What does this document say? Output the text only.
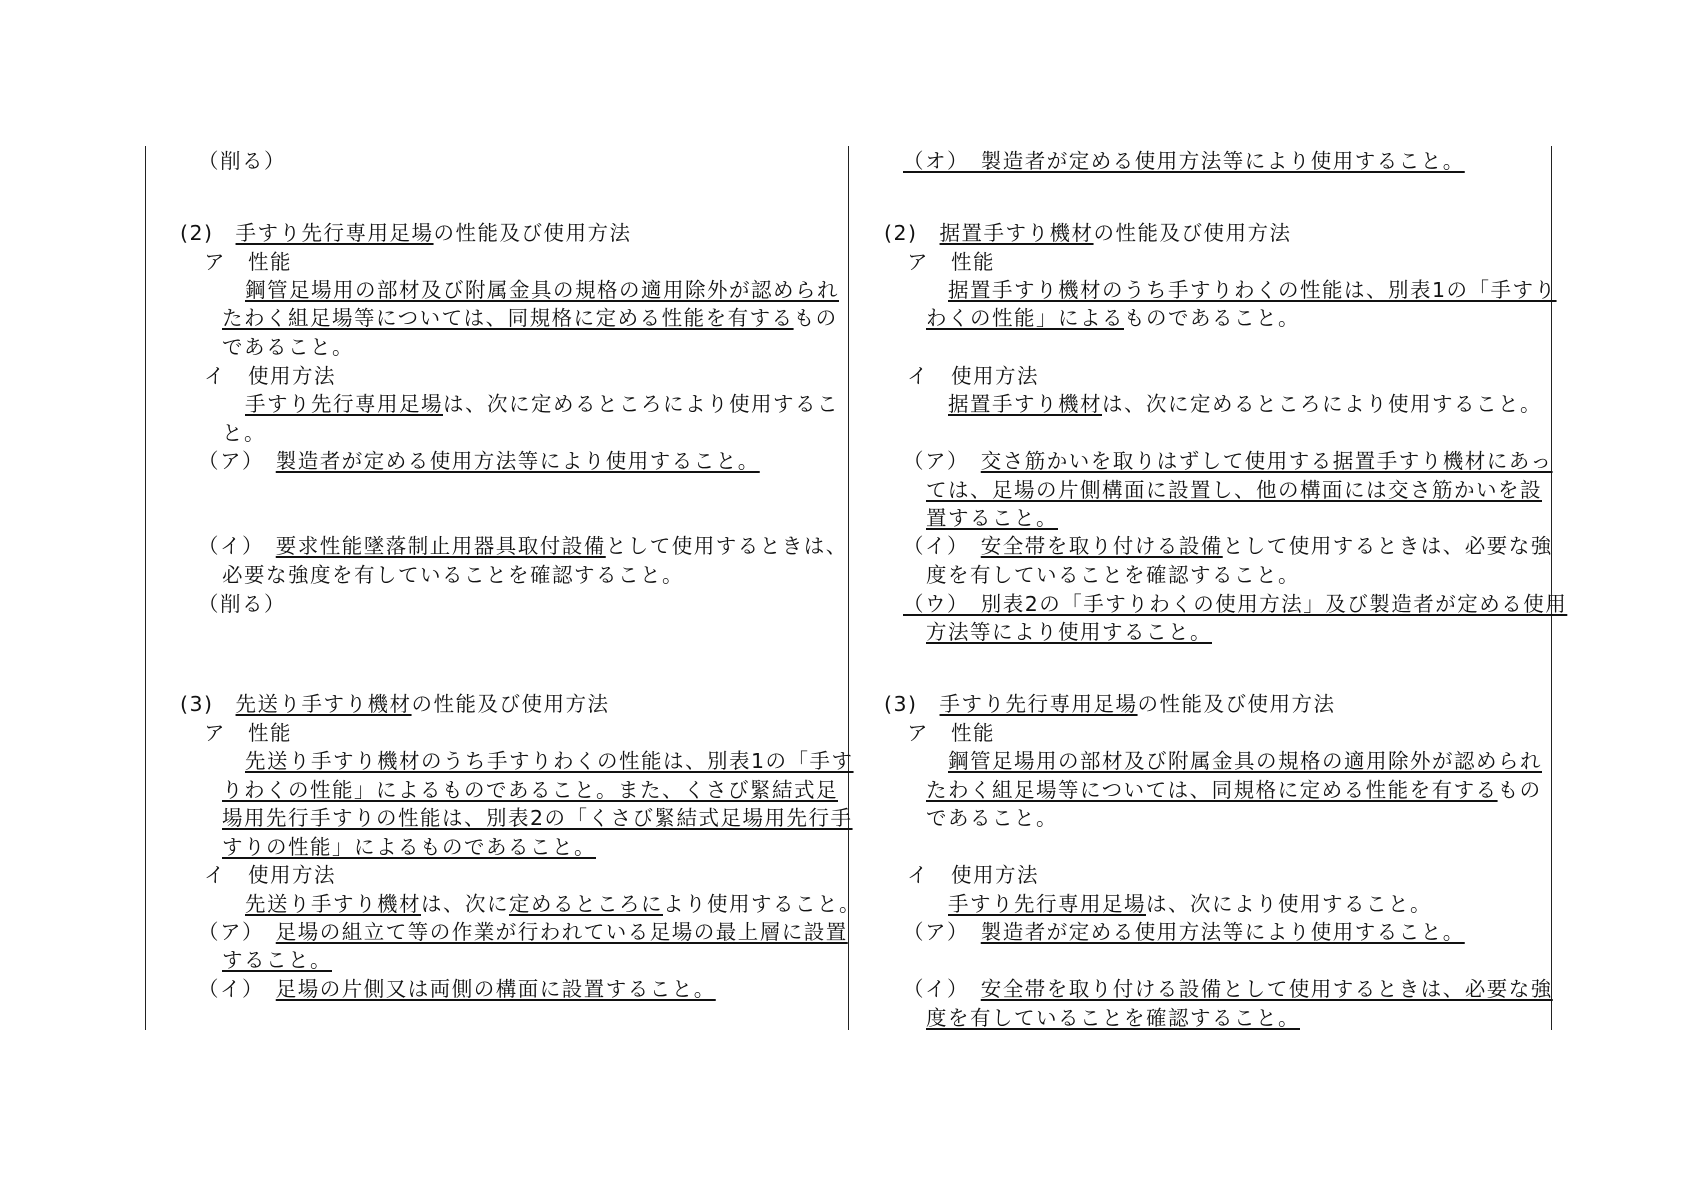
（削る）
(2)　 手すり先行専用足場の性能及び使用方法
ア　性能
鋼管足場用の部材及び附属金具の規格の適用除外が認められ
たわく組足場等については、同規格に定める性能を有するもの
であること。
イ　使用方法
手すり先行専用足場は、次に定めるところにより使用するこ
と。
（ア）　 製造者が定める使用方法等により使用すること。
（イ）　 要求性能墜落制止用器具取付設備として使用するときは、
必要な強度を有していることを確認すること。
（削る）
(3)　 先送り手すり機材の性能及び使用方法
ア　性能
先送り手すり機材のうち手すりわくの性能は、別表1の「手す
りわくの性能」によるものであること。また、くさび緊結式足
場用先行手すりの性能は、別表2の「くさび緊結式足場用先行手
すりの性能」によるものであること。
イ　使用方法
先送り手すり機材は、次に定めるところにより使用すること。
（ア）　 足場の組立て等の作業が行われている足場の最上層に設置
すること。
（イ）　 足場の片側又は両側の構面に設置すること。
（オ）　製造者が定める使用方法等により使用すること。
(2)　 据置手すり機材の性能及び使用方法
ア　性能
据置手すり機材のうち手すりわくの性能は、別表1の「手すり
わくの性能」によるものであること。
イ　使用方法
据置手すり機材は、次に定めるところにより使用すること。
（ア）　 交さ筋かいを取りはずして使用する据置手すり機材にあっ
ては、足場の片側構面に設置し、他の構面には交さ筋かいを設
置すること。
（イ）　 安全帯を取り付ける設備として使用するときは、必要な強
度を有していることを確認すること。
（ウ）　別表2の「手すりわくの使用方法」及び製造者が定める使用
方法等により使用すること。
(3)　 手すり先行専用足場の性能及び使用方法
ア　性能
鋼管足場用の部材及び附属金具の規格の適用除外が認められ
たわく組足場等については、同規格に定める性能を有するもの
であること。
イ　使用方法
手すり先行専用足場は、次により使用すること。
（ア）　 製造者が定める使用方法等により使用すること。
（イ）　 安全帯を取り付ける設備として使用するときは、必要な強
度を有していることを確認すること。
